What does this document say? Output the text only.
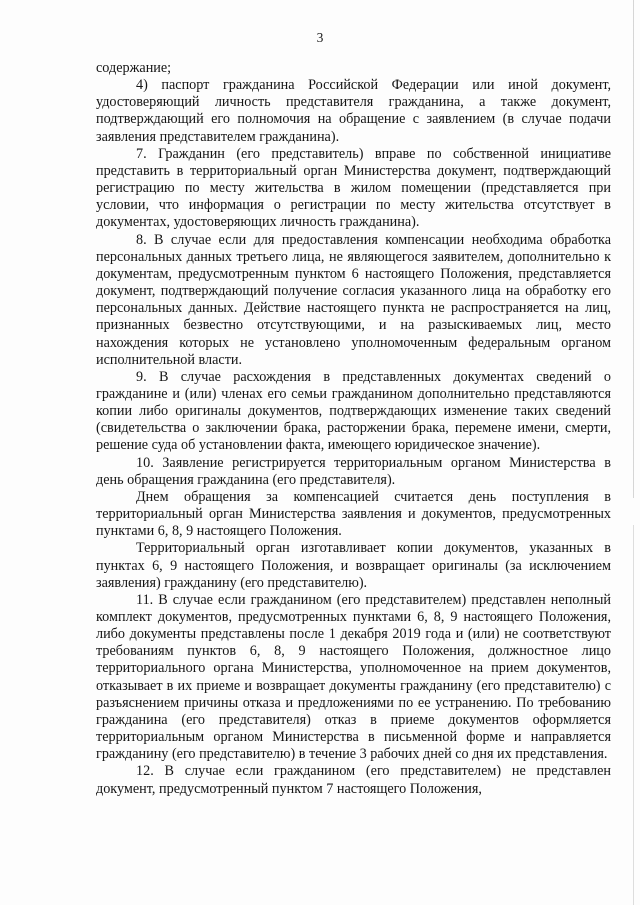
3

содержание;

4) паспорт гражданина Российской Федерации или иной документ, удостоверяющий личность представителя гражданина, а также документ, подтверждающий его полномочия на обращение с заявлением (в случае подачи заявления представителем гражданина).

7. Гражданин (его представитель) вправе по собственной инициативе представить в территориальный орган Министерства документ, подтверждающий регистрацию по месту жительства в жилом помещении (представляется при условии, что информация о регистрации по месту жительства отсутствует в документах, удостоверяющих личность гражданина).

8. В случае если для предоставления компенсации необходима обработка персональных данных третьего лица, не являющегося заявителем, дополнительно к документам, предусмотренным пунктом 6 настоящего Положения, представляется документ, подтверждающий получение согласия указанного лица на обработку его персональных данных. Действие настоящего пункта не распространяется на лиц, признанных безвестно отсутствующими, и на разыскиваемых лиц, место нахождения которых не установлено уполномоченным федеральным органом исполнительной власти.

9. В случае расхождения в представленных документах сведений о гражданине и (или) членах его семьи гражданином дополнительно представляются копии либо оригиналы документов, подтверждающих изменение таких сведений (свидетельства о заключении брака, расторжении брака, перемене имени, смерти, решение суда об установлении факта, имеющего юридическое значение).

10. Заявление регистрируется территориальным органом Министерства в день обращения гражданина (его представителя).

Днем обращения за компенсацией считается день поступления в территориальный орган Министерства заявления и документов, предусмотренных пунктами 6, 8, 9 настоящего Положения.

Территориальный орган изготавливает копии документов, указанных в пунктах 6, 9 настоящего Положения, и возвращает оригиналы (за исключением заявления) гражданину (его представителю).

11. В случае если гражданином (его представителем) представлен неполный комплект документов, предусмотренных пунктами 6, 8, 9 настоящего Положения, либо документы представлены после 1 декабря 2019 года и (или) не соответствуют требованиям пунктов 6, 8, 9 настоящего Положения, должностное лицо территориального органа Министерства, уполномоченное на прием документов, отказывает в их приеме и возвращает документы гражданину (его представителю) с разъяснением причины отказа и предложениями по ее устранению. По требованию гражданина (его представителя) отказ в приеме документов оформляется территориальным органом Министерства в письменной форме и направляется гражданину (его представителю) в течение 3 рабочих дней со дня их представления.

12. В случае если гражданином (его представителем) не представлен документ, предусмотренный пунктом 7 настоящего Положения,
